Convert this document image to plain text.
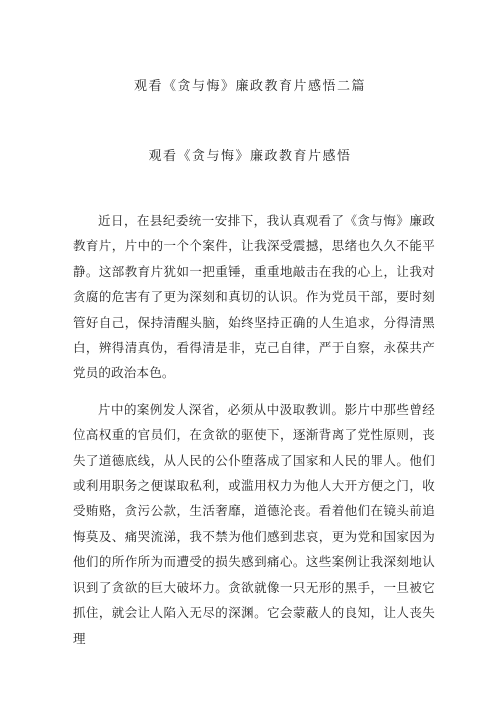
观看《贪与悔》廉政教育片感悟二篇
观看《贪与悔》廉政教育片感悟

近日，在县纪委统一安排下，我认真观看了《贪与悔》廉政教育片，片中的一个个案件，让我深受震撼，思绪也久久不能平静。这部教育片犹如一把重锤，重重地敲击在我的心上，让我对贪腐的危害有了更为深刻和真切的认识。作为党员干部，要时刻管好自己，保持清醒头脑，始终坚持正确的人生追求，分得清黑白，辨得清真伪，看得清是非，克己自律，严于自察，永葆共产党员的政治本色。

片中的案例发人深省，必须从中汲取教训。影片中那些曾经位高权重的官员们，在贪欲的驱使下，逐渐背离了党性原则，丧失了道德底线，从人民的公仆堕落成了国家和人民的罪人。他们或利用职务之便谋取私利，或滥用权力为他人大开方便之门，收受贿赂，贪污公款，生活奢靡，道德沦丧。看着他们在镜头前追悔莫及、痛哭流涕，我不禁为他们感到悲哀，更为党和国家因为他们的所作所为而遭受的损失感到痛心。这些案例让我深刻地认识到了贪欲的巨大破坏力。贪欲就像一只无形的黑手，一旦被它抓住，就会让人陷入无尽的深渊。它会蒙蔽人的良知，让人丧失理
